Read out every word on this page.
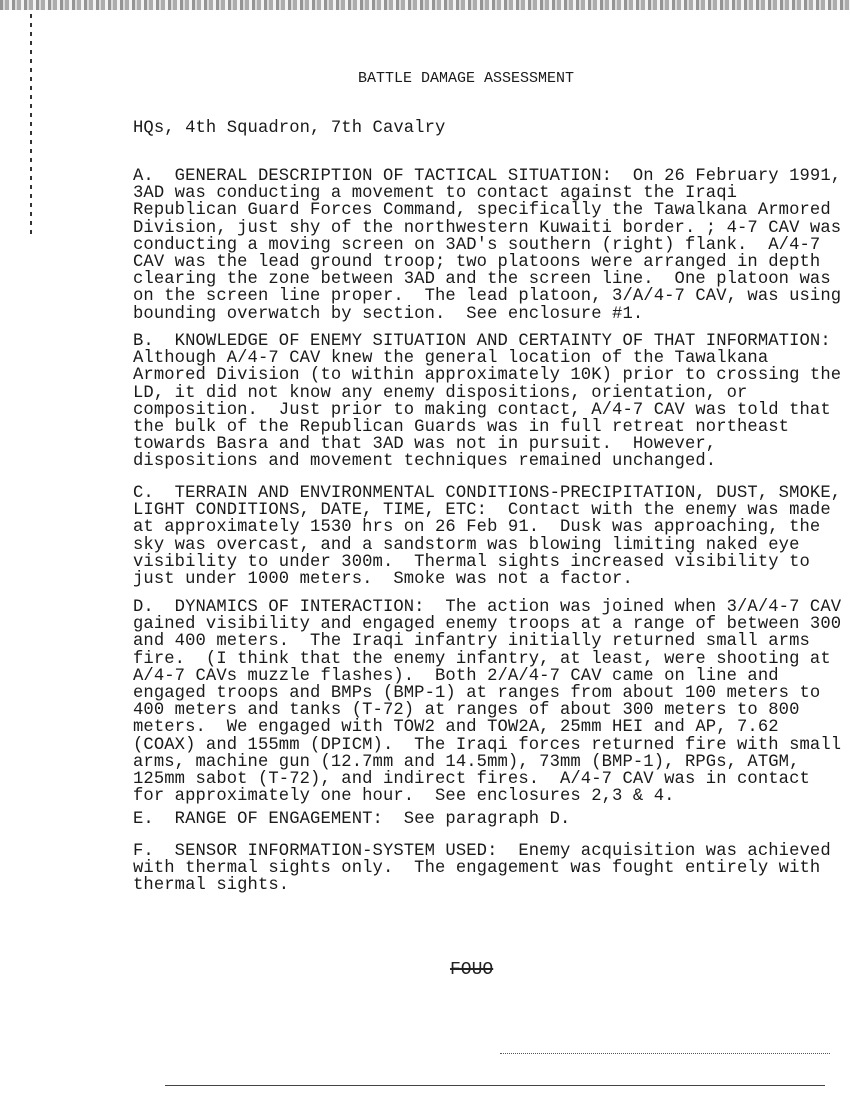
BATTLE DAMAGE ASSESSMENT
HQs, 4th Squadron, 7th Cavalry
A.  GENERAL DESCRIPTION OF TACTICAL SITUATION:  On 26 February 1991,
3AD was conducting a movement to contact against the Iraqi
Republican Guard Forces Command, specifically the Tawalkana Armored
Division, just shy of the northwestern Kuwaiti border. ; 4-7 CAV was
conducting a moving screen on 3AD's southern (right) flank.  A/4-7
CAV was the lead ground troop; two platoons were arranged in depth
clearing the zone between 3AD and the screen line.  One platoon was
on the screen line proper.  The lead platoon, 3/A/4-7 CAV, was using
bounding overwatch by section.  See enclosure #1.
B.  KNOWLEDGE OF ENEMY SITUATION AND CERTAINTY OF THAT INFORMATION:
Although A/4-7 CAV knew the general location of the Tawalkana
Armored Division (to within approximately 10K) prior to crossing the
LD, it did not know any enemy dispositions, orientation, or
composition.  Just prior to making contact, A/4-7 CAV was told that
the bulk of the Republican Guards was in full retreat northeast
towards Basra and that 3AD was not in pursuit.  However,
dispositions and movement techniques remained unchanged.
C.  TERRAIN AND ENVIRONMENTAL CONDITIONS-PRECIPITATION, DUST, SMOKE,
LIGHT CONDITIONS, DATE, TIME, ETC:  Contact with the enemy was made
at approximately 1530 hrs on 26 Feb 91.  Dusk was approaching, the
sky was overcast, and a sandstorm was blowing limiting naked eye
visibility to under 300m.  Thermal sights increased visibility to
just under 1000 meters.  Smoke was not a factor.
D.  DYNAMICS OF INTERACTION:  The action was joined when 3/A/4-7 CAV
gained visibility and engaged enemy troops at a range of between 300
and 400 meters.  The Iraqi infantry initially returned small arms
fire.  (I think that the enemy infantry, at least, were shooting at
A/4-7 CAVs muzzle flashes).  Both 2/A/4-7 CAV came on line and
engaged troops and BMPs (BMP-1) at ranges from about 100 meters to
400 meters and tanks (T-72) at ranges of about 300 meters to 800
meters.  We engaged with TOW2 and TOW2A, 25mm HEI and AP, 7.62
(COAX) and 155mm (DPICM).  The Iraqi forces returned fire with small
arms, machine gun (12.7mm and 14.5mm), 73mm (BMP-1), RPGs, ATGM,
125mm sabot (T-72), and indirect fires.  A/4-7 CAV was in contact
for approximately one hour.  See enclosures 2,3 & 4.
E.  RANGE OF ENGAGEMENT:  See paragraph D.
F.  SENSOR INFORMATION-SYSTEM USED:  Enemy acquisition was achieved
with thermal sights only.  The engagement was fought entirely with
thermal sights.
FOUO
